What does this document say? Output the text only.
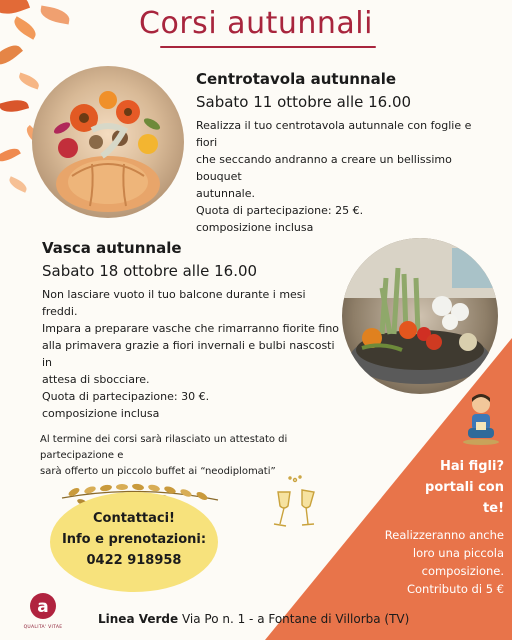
Corsi autunnali
Centrotavola autunnale

Sabato 11 ottobre alle 16.00

Realizza il tuo centrotavola autunnale con foglie e fiori
che seccando andranno a creare un bellissimo bouquet
autunnale.
Quota di partecipazione: 25 €.
composizione inclusa
Vasca autunnale

Sabato 18 ottobre alle 16.00

Non lasciare vuoto il tuo balcone durante i mesi freddi.
Impara a preparare vasche che rimarranno fiorite fino
alla primavera grazie a fiori invernali e bulbi nascosti in
attesa di sbocciare.
Quota di partecipazione: 30 €.
composizione inclusa
Al termine dei corsi sarà rilasciato un attestato di partecipazione e
sarà offerto un piccolo buffet ai “neodiplomati”
Contattaci!
Info e prenotazioni:
0422 918958
Hai figli?
portali con
te!
Realizzeranno anche
loro una piccola
composizione.
Contributo di 5 €
a
QUALITA' VITAE
Linea Verde Via Po n. 1 - a Fontane di Villorba (TV)
